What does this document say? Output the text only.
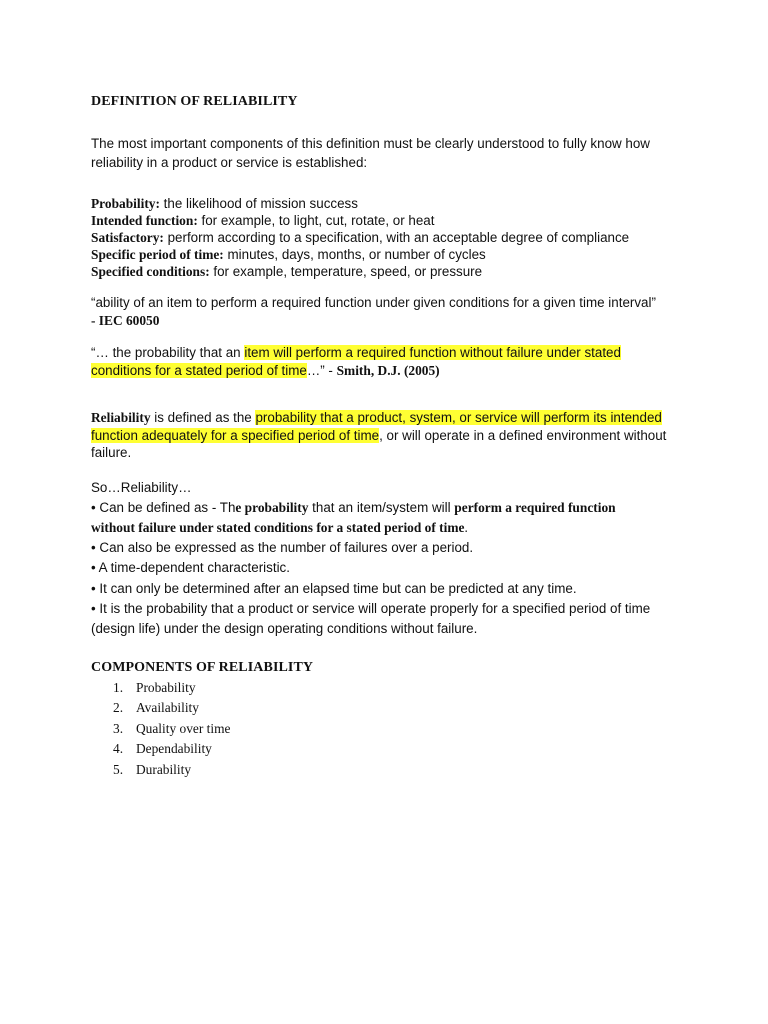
DEFINITION OF RELIABILITY

The most important components of this definition must be clearly understood to fully know how
reliability in a product or service is established:

Probability: the likelihood of mission success
Intended function: for example, to light, cut, rotate, or heat
Satisfactory: perform according to a specification, with an acceptable degree of compliance
Specific period of time: minutes, days, months, or number of cycles
Specified conditions: for example, temperature, speed, or pressure

“ability of an item to perform a required function under given conditions for a given time interval”
- IEC 60050

“… the probability that an item will perform a required function without failure under stated
conditions for a stated period of time…” - Smith, D.J. (2005)

Reliability is defined as the probability that a product, system, or service will perform its intended
function adequately for a specified period of time, or will operate in a defined environment without
failure.

So…Reliability…

• Can be defined as - The probability that an item/system will perform a required function
without failure under stated conditions for a stated period of time.
• Can also be expressed as the number of failures over a period.
• A time-dependent characteristic.
• It can only be determined after an elapsed time but can be predicted at any time.
• It is the probability that a product or service will operate properly for a specified period of time
(design life) under the design operating conditions without failure.

COMPONENTS OF RELIABILITY

1. Probability
2. Availability
3. Quality over time
4. Dependability
5. Durability
